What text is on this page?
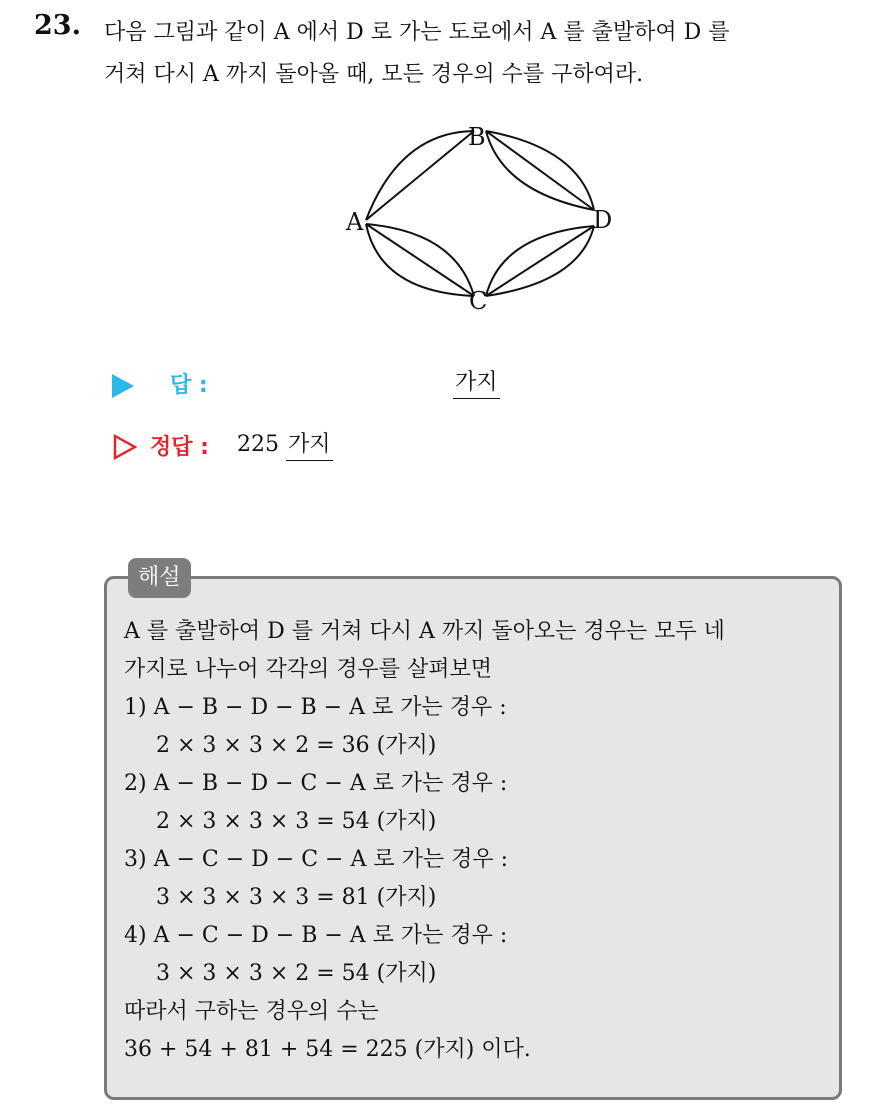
23. 다음 그림과 같이 A 에서 D 로 가는 도로에서 A 를 출발하여 D 를

거쳐 다시 A 까지 돌아올 때, 모든 경우의 수를 구하여라.

B
A	D
C
답 :	가지
정답 : 225 가지
해설

A 를 출발하여 D 를 거쳐 다시 A 까지 돌아오는 경우는 모두 네

가지로 나누어 각각의 경우를 살펴보면

1) A − B − D − B − A 로 가는 경우 :

2 × 3 × 3 × 2 = 36 (가지)

2) A − B − D − C − A 로 가는 경우 :

2 × 3 × 3 × 3 = 54 (가지)

3) A − C − D − C − A 로 가는 경우 :

3 × 3 × 3 × 3 = 81 (가지)

4) A − C − D − B − A 로 가는 경우 :

3 × 3 × 3 × 2 = 54 (가지)

따라서 구하는 경우의 수는

36 + 54 + 81 + 54 = 225 (가지) 이다.
